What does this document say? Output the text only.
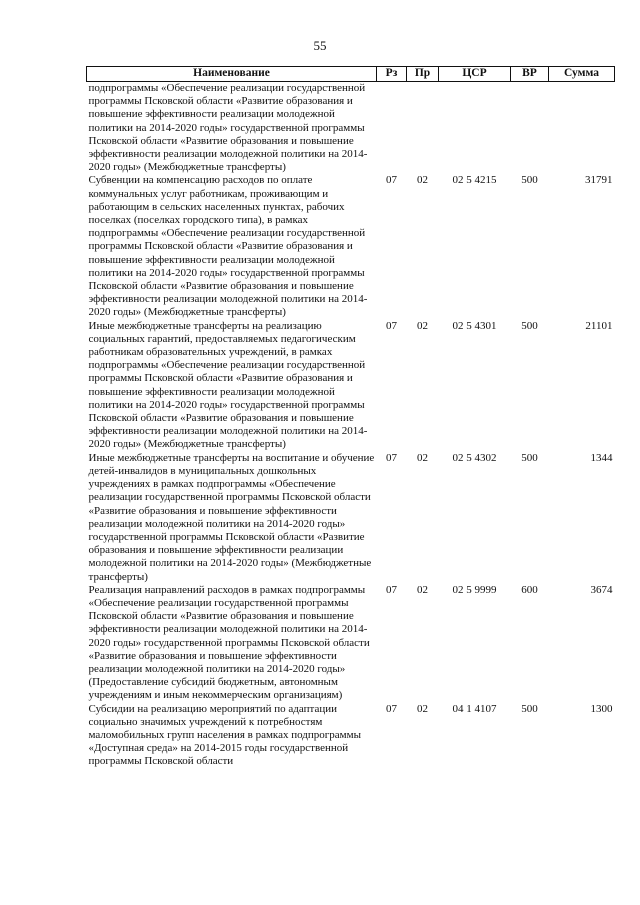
55
Наименование	Рз	Пр	ЦСР	ВР	Сумма
подпрограммы «Обеспечение реализации государственной программы Псковской области «Развитие образования и повышение эффективности реализации молодежной политики на 2014-2020 годы» государственной программы Псковской области «Развитие образования и повышение эффективности реализации молодежной политики на 2014-2020 годы» (Межбюджетные трансферты)					
Субвенции на компенсацию расходов по оплате коммунальных услуг работникам, проживающим и работающим в сельских населенных пунктах, рабочих поселках (поселках городского типа), в рамках подпрограммы «Обеспечение реализации государственной программы Псковской области «Развитие образования и повышение эффективности реализации молодежной политики на 2014-2020 годы» государственной программы Псковской области «Развитие образования и повышение эффективности реализации молодежной политики на 2014-2020 годы» (Межбюджетные трансферты)	07	02	02 5 4215	500	31791
Иные межбюджетные трансферты на реализацию социальных гарантий, предоставляемых педагогическим работникам образовательных учреждений, в рамках подпрограммы «Обеспечение реализации государственной программы Псковской области «Развитие образования и повышение эффективности реализации молодежной политики на 2014-2020 годы» государственной программы Псковской области «Развитие образования и повышение эффективности реализации молодежной политики на 2014-2020 годы» (Межбюджетные трансферты)	07	02	02 5 4301	500	21101
Иные межбюджетные трансферты на воспитание и обучение детей-инвалидов в муниципальных дошкольных учреждениях в рамках подпрограммы «Обеспечение реализации государственной программы Псковской области «Развитие образования и повышение эффективности реализации молодежной политики на 2014-2020 годы» государственной программы Псковской области «Развитие образования и повышение эффективности реализации молодежной политики на 2014-2020 годы» (Межбюджетные трансферты)	07	02	02 5 4302	500	1344
Реализация направлений расходов в рамках подпрограммы «Обеспечение реализации государственной программы Псковской области «Развитие образования и повышение эффективности реализации молодежной политики на 2014-2020 годы» государственной программы Псковской области «Развитие образования и повышение эффективности реализации молодежной политики на 2014-2020 годы» (Предоставление субсидий бюджетным, автономным учреждениям и иным некоммерческим организациям)	07	02	02 5 9999	600	3674
Субсидии на реализацию мероприятий по адаптации социально значимых учреждений к потребностям маломобильных групп населения в рамках подпрограммы «Доступная среда» на 2014-2015 годы государственной программы Псковской области	07	02	04 1 4107	500	1300
